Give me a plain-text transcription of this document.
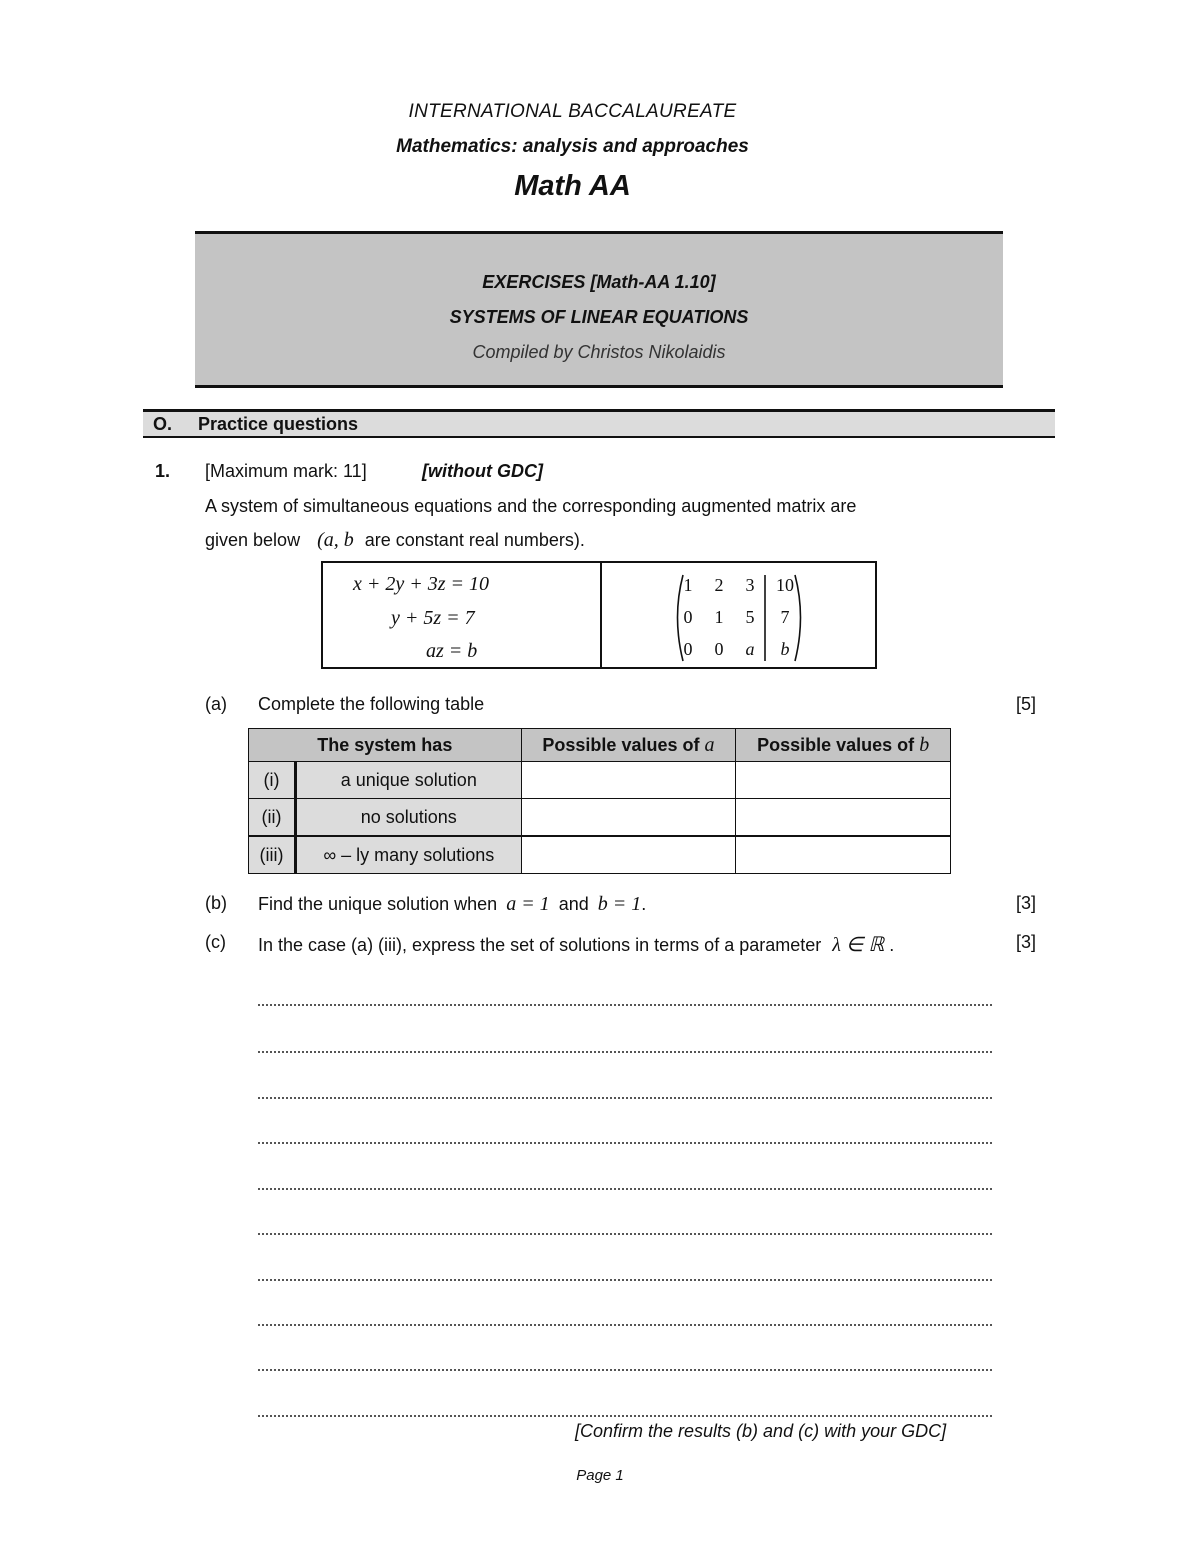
INTERNATIONAL BACCALAUREATE
Mathematics: analysis and approaches
Math AA
EXERCISES [Math-AA 1.10]
SYSTEMS OF LINEAR EQUATIONS
Compiled by Christos Nikolaidis
O. Practice questions
1. [Maximum mark: 11]	[without GDC]
A system of simultaneous equations and the corresponding augmented matrix are
given below (a, b are constant real numbers).
x + 2y + 3z = 10
y + 5z = 7
az = b
1	2	3	10
0	1	5	7
0	0	a	b
(a) Complete the following table	[5]
The system has		Possible values of a	Possible values of b
(i)	a unique solution		
(ii)	no solutions		
(iii)	∞ – ly many solutions		
(b) Find the unique solution when a = 1 and b = 1.	[3]
(c) In the case (a) (iii), express the set of solutions in terms of a parameter λ ∈ ℝ .	[3]
[Confirm the results (b) and (c) with your GDC]
Page 1
